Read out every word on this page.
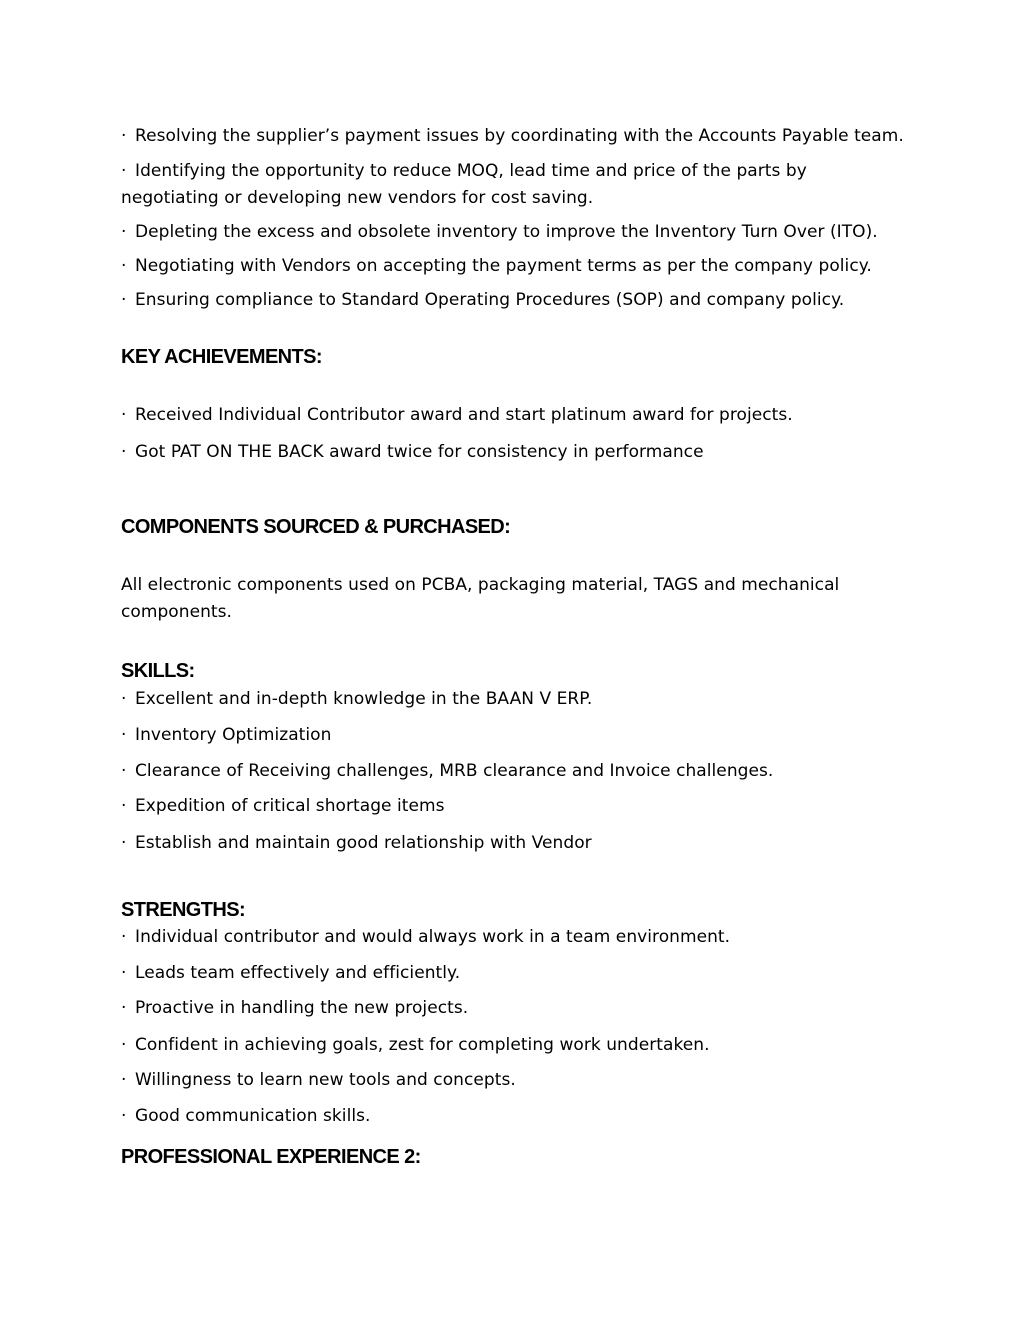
· Resolving the supplier’s payment issues by coordinating with the Accounts Payable team.
· Identifying the opportunity to reduce MOQ, lead time and price of the parts by
negotiating or developing new vendors for cost saving.
· Depleting the excess and obsolete inventory to improve the Inventory Turn Over (ITO).
· Negotiating with Vendors on accepting the payment terms as per the company policy.
· Ensuring compliance to Standard Operating Procedures (SOP) and company policy.
KEY ACHIEVEMENTS:
· Received Individual Contributor award and start platinum award for projects.
· Got PAT ON THE BACK award twice for consistency in performance
COMPONENTS SOURCED & PURCHASED:
All electronic components used on PCBA, packaging material, TAGS and mechanical
components.
SKILLS:
· Excellent and in-depth knowledge in the BAAN V ERP.
· Inventory Optimization
· Clearance of Receiving challenges, MRB clearance and Invoice challenges.
· Expedition of critical shortage items
· Establish and maintain good relationship with Vendor
STRENGTHS:
· Individual contributor and would always work in a team environment.
· Leads team effectively and efficiently.
· Proactive in handling the new projects.
· Confident in achieving goals, zest for completing work undertaken.
· Willingness to learn new tools and concepts.
· Good communication skills.
PROFESSIONAL EXPERIENCE 2:
